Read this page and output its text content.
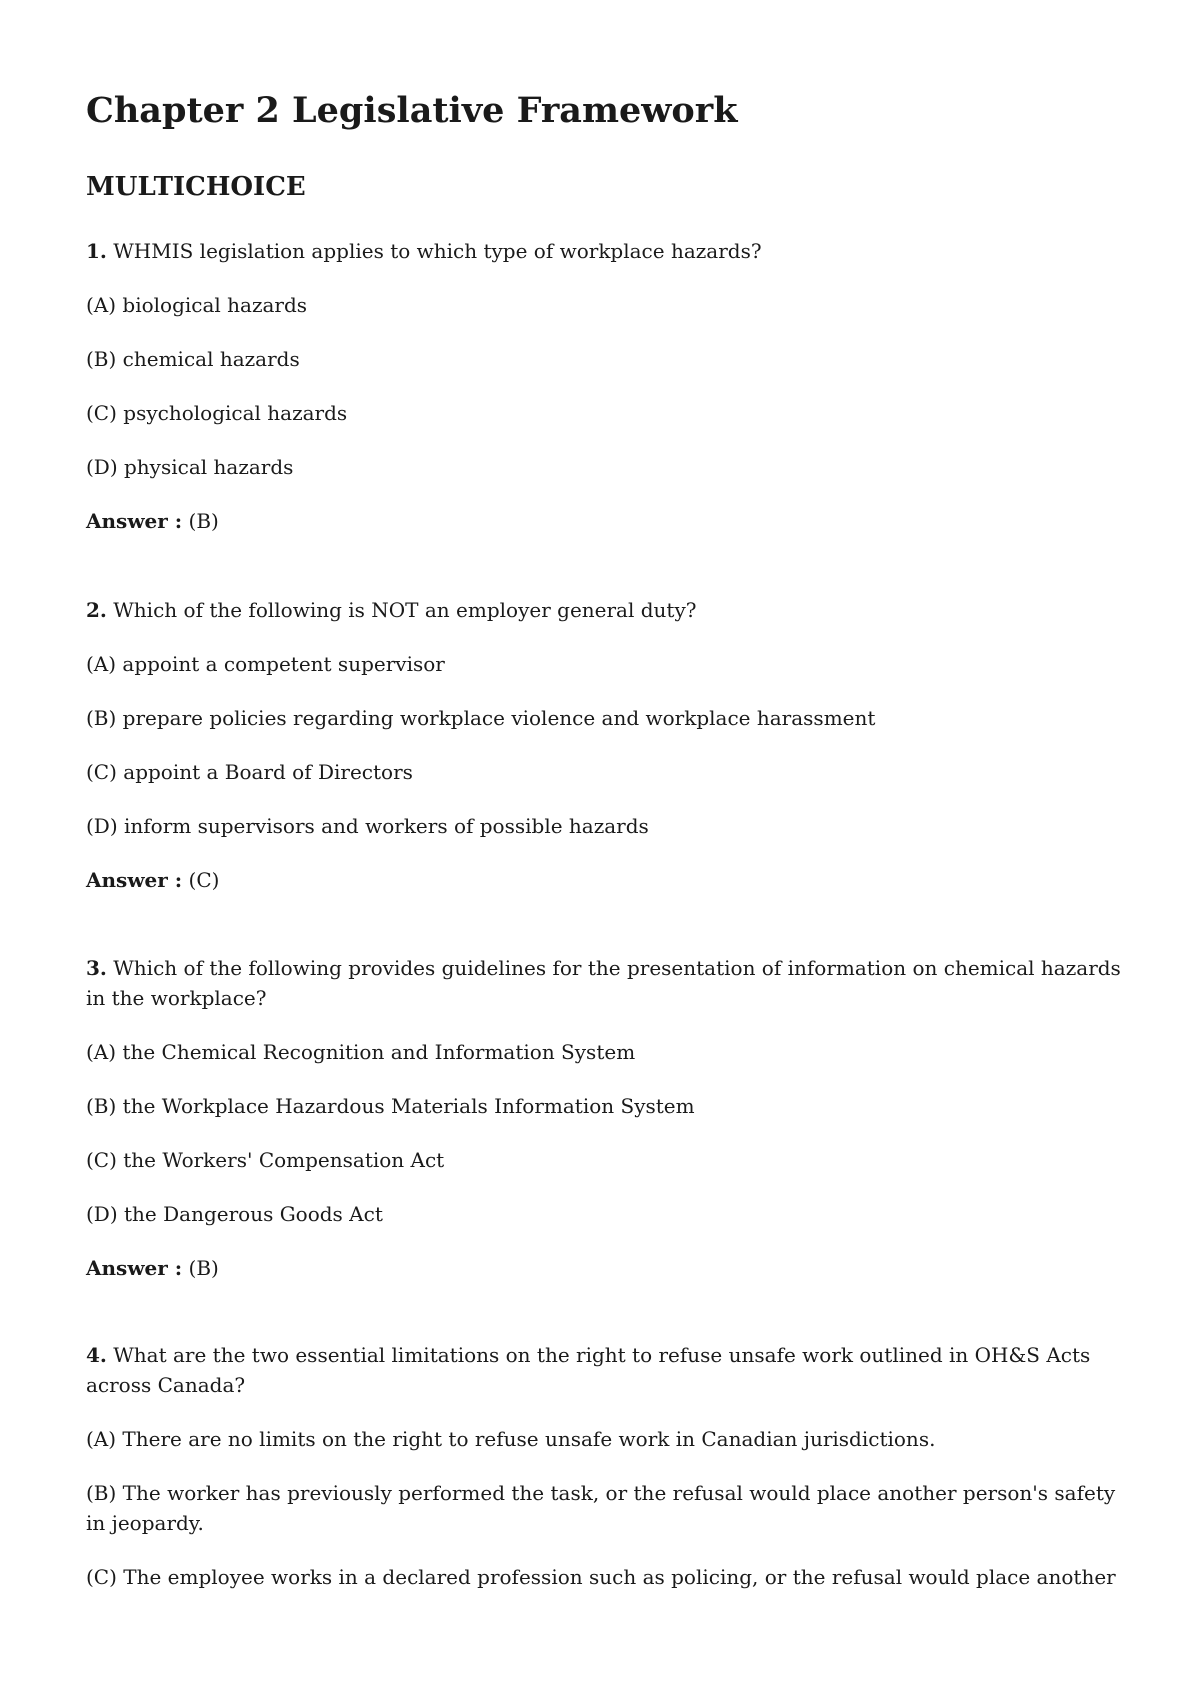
Chapter 2 Legislative Framework
MULTICHOICE

1. WHMIS legislation applies to which type of workplace hazards?

(A) biological hazards

(B) chemical hazards

(C) psychological hazards

(D) physical hazards

Answer : (B)

2. Which of the following is NOT an employer general duty?

(A) appoint a competent supervisor

(B) prepare policies regarding workplace violence and workplace harassment

(C) appoint a Board of Directors

(D) inform supervisors and workers of possible hazards

Answer : (C)

3. Which of the following provides guidelines for the presentation of information on chemical hazards in the workplace?

(A) the Chemical Recognition and Information System

(B) the Workplace Hazardous Materials Information System

(C) the Workers' Compensation Act

(D) the Dangerous Goods Act

Answer : (B)

4. What are the two essential limitations on the right to refuse unsafe work outlined in OH&S Acts across Canada?

(A) There are no limits on the right to refuse unsafe work in Canadian jurisdictions.

(B) The worker has previously performed the task, or the refusal would place another person's safety in jeopardy.

(C) The employee works in a declared profession such as policing, or the refusal would place another
